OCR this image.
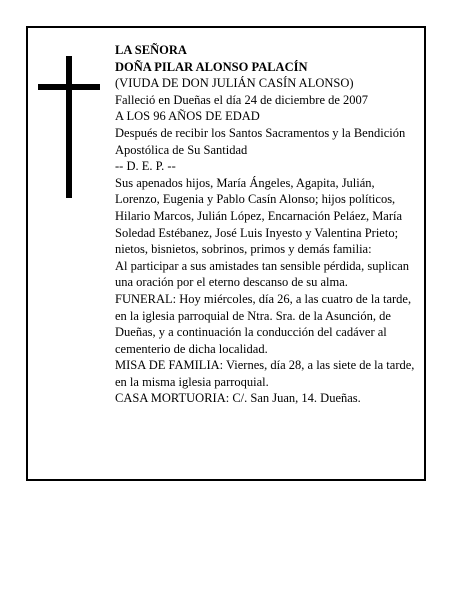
LA SEÑORA

DOÑA PILAR ALONSO PALACÍN

(VIUDA DE DON JULIÁN CASÍN ALONSO)

Falleció en Dueñas el día 24 de diciembre de 2007

A LOS 96 AÑOS DE EDAD

Después de recibir los Santos Sacramentos y la Bendición Apostólica de Su Santidad

-- D. E. P. --

Sus apenados hijos, María Ángeles, Agapita, Julián, Lorenzo, Eugenia y Pablo Casín Alonso; hijos políticos, Hilario Marcos, Julián López, Encarnación Peláez, María Soledad Estébanez, José Luis Inyesto y Valentina Prieto; nietos, bisnietos, sobrinos, primos y demás familia:

Al participar a sus amistades tan sensible pérdida, suplican una oración por el eterno descanso de su alma.

FUNERAL: Hoy miércoles, día 26, a las cuatro de la tarde, en la iglesia parroquial de Ntra. Sra. de la Asunción, de Dueñas, y a continuación la conducción del cadáver al cementerio de dicha localidad.

MISA DE FAMILIA: Viernes, día 28, a las siete de la tarde, en la misma iglesia parroquial.

CASA MORTUORIA: C/. San Juan, 14. Dueñas.
